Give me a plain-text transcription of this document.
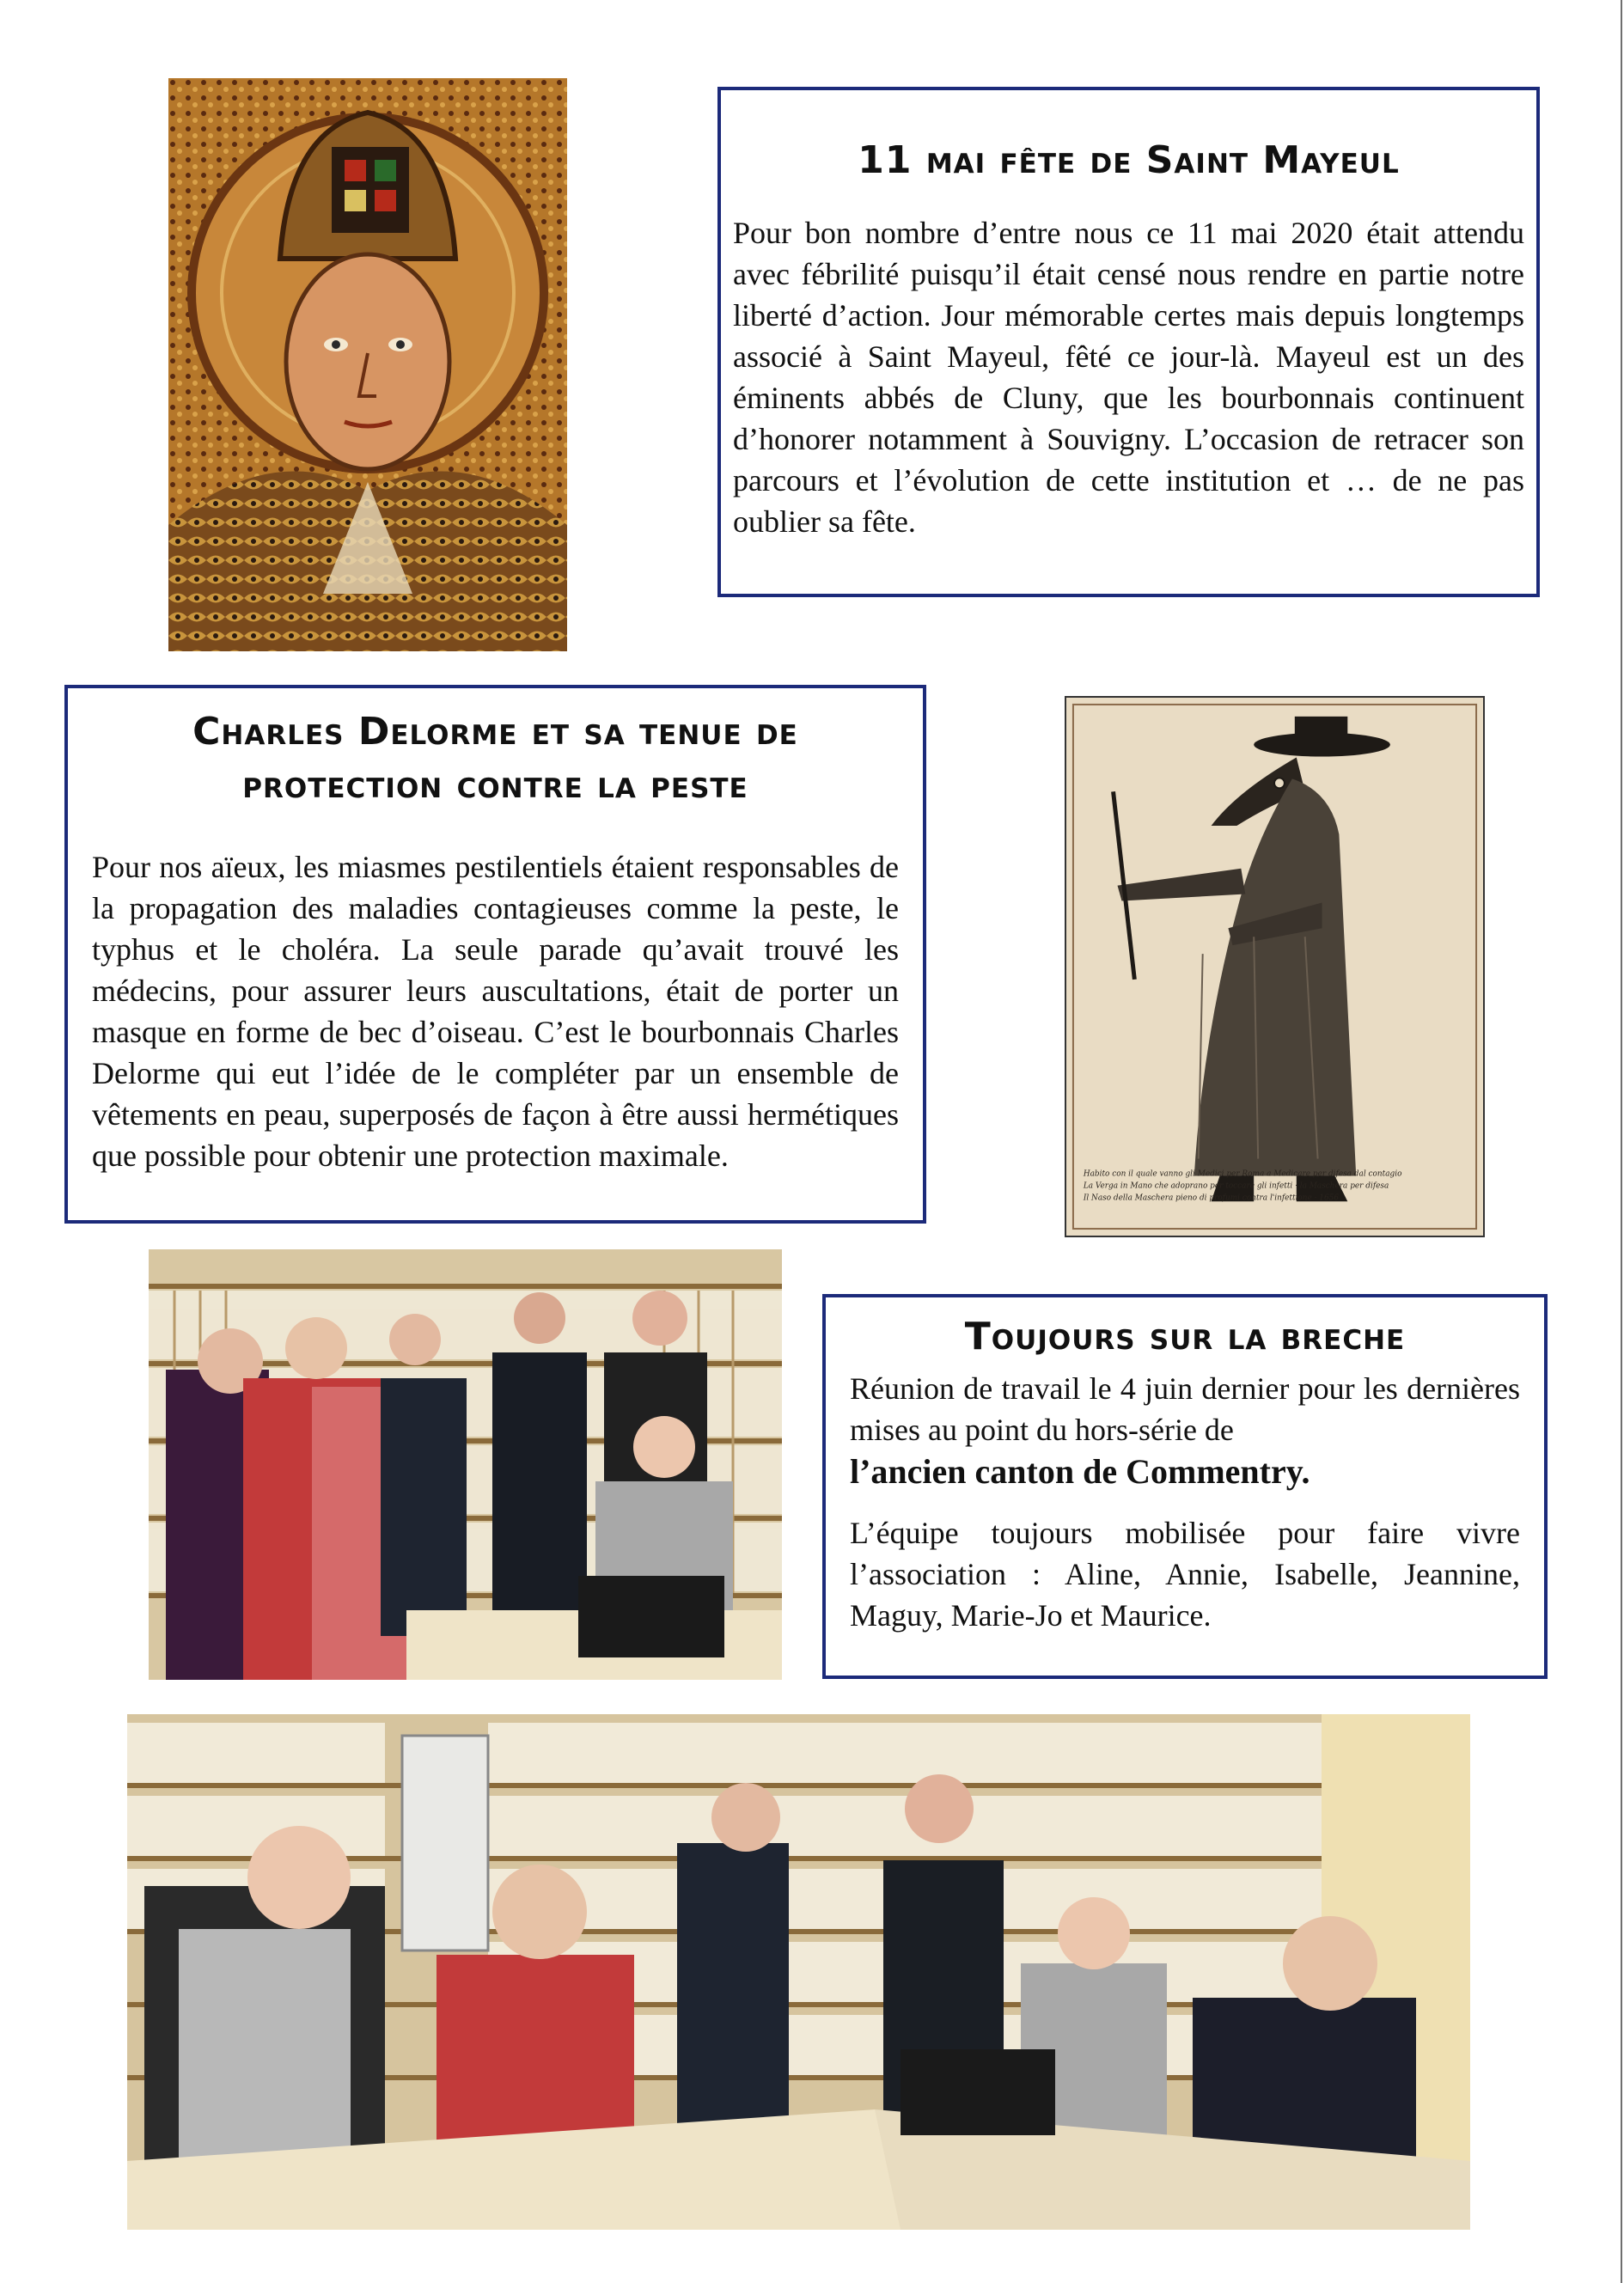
11 mai fête de Saint Mayeul

Pour bon nombre d’entre nous ce 11 mai 2020 était attendu avec fébrilité puisqu’il était censé nous rendre en partie notre liberté d’action. Jour mémorable certes mais depuis longtemps associé à Saint Mayeul, fêté ce jour-là. Mayeul est un des éminents abbés de Cluny, que les bourbonnais continuent d’honorer notamment à Souvigny. L’occasion de retracer son parcours et l’évolution de cette institution et … de ne pas oublier sa fête.

Charles Delorme et sa tenue de protection contre la peste

Pour nos aïeux, les miasmes pestilentiels étaient responsables de la propagation des maladies contagieuses comme la peste, le typhus et le choléra. La seule parade qu’avait trouvé les médecins, pour assurer leurs auscultations, était de porter un masque en forme de bec d’oiseau. C’est le bourbonnais Charles Delorme qui eut l’idée de le compléter par un ensemble de vêtements en peau, superposés de façon à être aussi hermétiques que possible pour obtenir une protection maximale.

Habito con il quale vanno gli Medici per Roma a Medicare per difesa dal contagio
La Verga in Mano che adoprano per toccare gli infetti · la Maschera per difesa
Il Naso della Maschera pieno di profumi contra l'infettione · 1656
Toujours sur la breche

Réunion de travail le 4 juin dernier pour les dernières mises au point du hors-série de

l’ancien canton de Commentry.

L’équipe toujours mobilisée pour faire vivre l’association : Aline, Annie, Isabelle, Jeannine, Maguy, Marie-Jo et Maurice.
